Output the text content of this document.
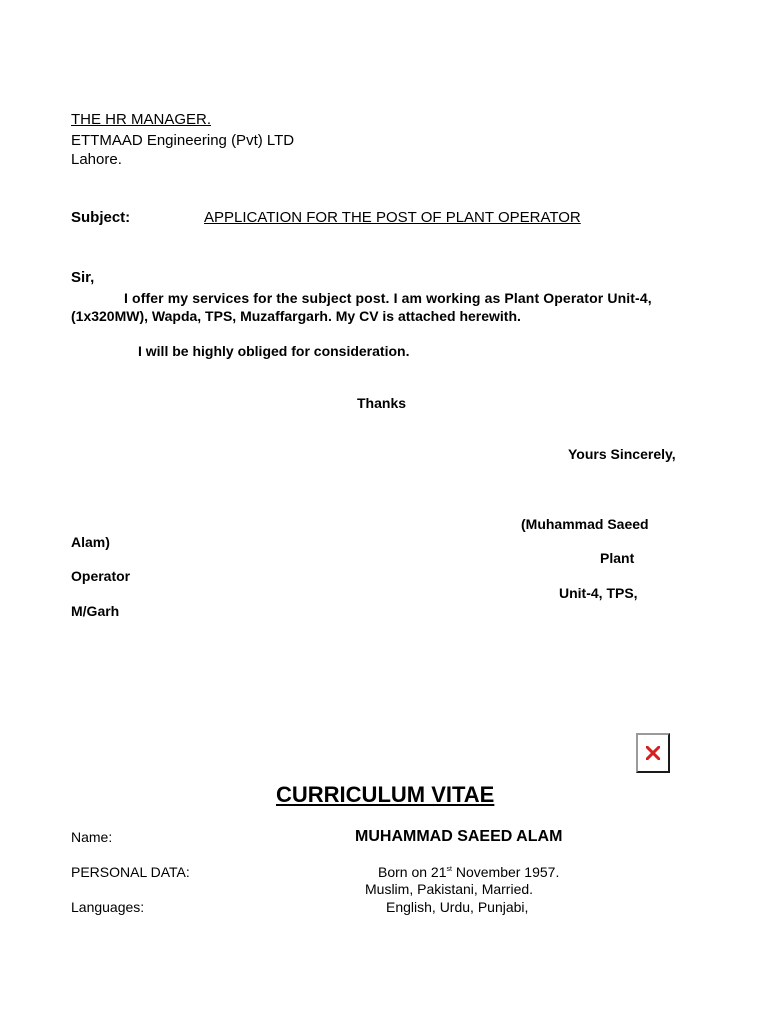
THE HR MANAGER.
ETTMAAD Engineering (Pvt) LTD
Lahore.
Subject:	APPLICATION FOR THE POST OF PLANT OPERATOR
Sir,
I offer my services for the subject post. I am working as Plant Operator Unit-4,
(1x320MW), Wapda, TPS, Muzaffargarh. My CV is attached herewith.
I will be highly obliged for consideration.
Thanks
Yours Sincerely,
(Muhammad Saeed
Alam)
Plant
Operator
Unit-4, TPS,
M/Garh
CURRICULUM VITAE
Name:	MUHAMMAD SAEED ALAM
PERSONAL DATA:	Born on 21st November 1957.
Muslim, Pakistani, Married.
Languages:	English, Urdu, Punjabi,
